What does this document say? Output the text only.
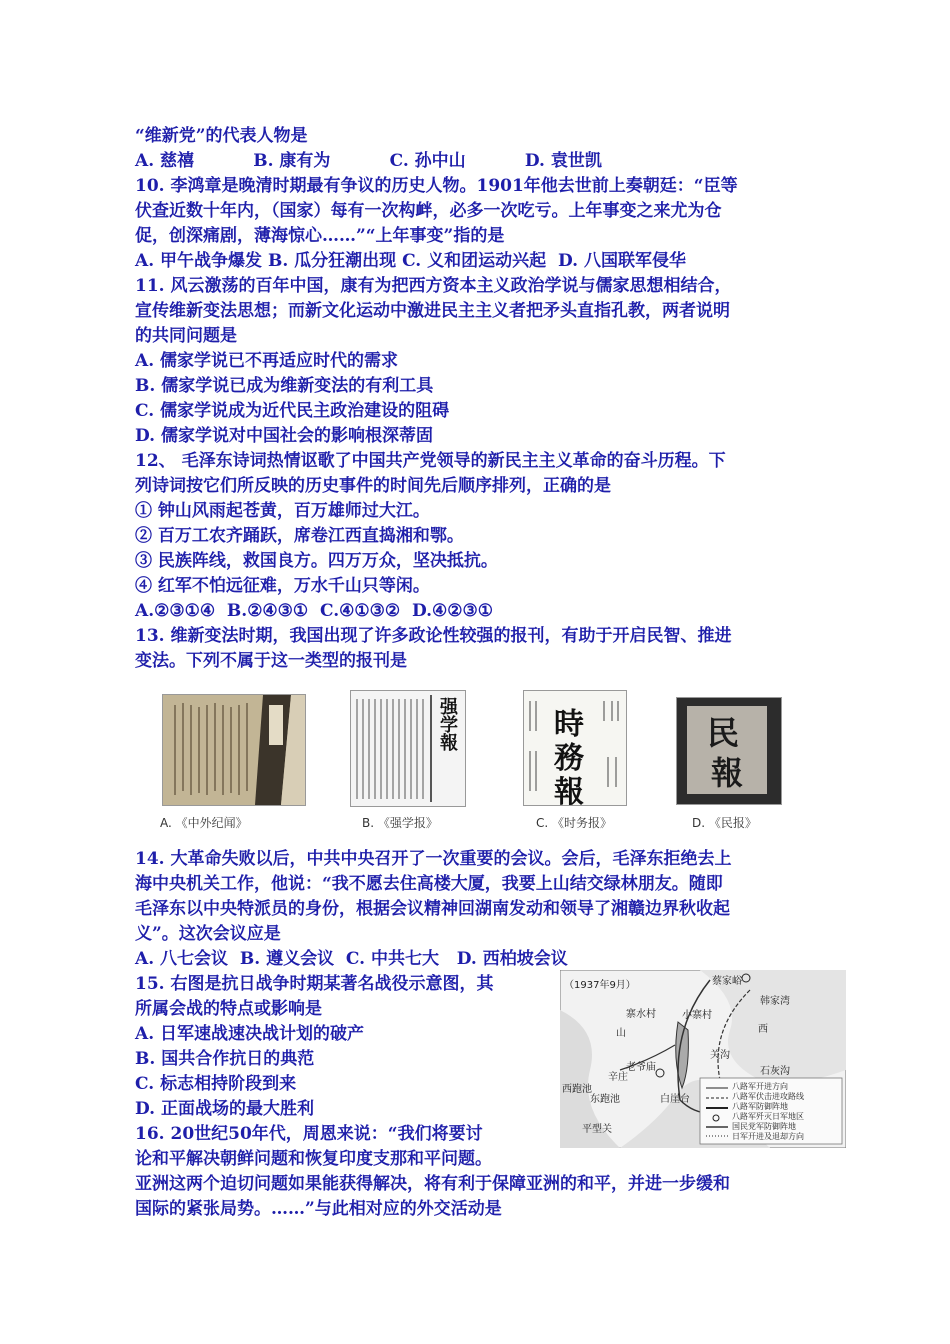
“维新党”的代表人物是
A. 慈禧          B. 康有为          C. 孙中山          D. 袁世凯
10. 李鸿章是晚清时期最有争议的历史人物。1901年他去世前上奏朝廷：“臣等
伏查近数十年内，（国家）每有一次构衅，必多一次吃亏。上年事变之来尤为仓
促，创深痛剧，薄海惊心……”“上年事变”指的是
A. 甲午战争爆发 B. 瓜分狂潮出现 C. 义和团运动兴起  D. 八国联军侵华
11. 风云激荡的百年中国，康有为把西方资本主义政治学说与儒家思想相结合，
宣传维新变法思想；而新文化运动中激进民主主义者把矛头直指孔教，两者说明
的共同问题是
A. 儒家学说已不再适应时代的需求
B. 儒家学说已成为维新变法的有利工具
C. 儒家学说成为近代民主政治建设的阻碍
D. 儒家学说对中国社会的影响根深蒂固
12、 毛泽东诗词热情讴歌了中国共产党领导的新民主主义革命的奋斗历程。下
列诗词按它们所反映的历史事件的时间先后顺序排列，正确的是
① 钟山风雨起苍黄，百万雄师过大江。
② 百万工农齐踊跃，席卷江西直捣湘和鄂。
③ 民族阵线，救国良方。四万万众，坚决抵抗。
④ 红军不怕远征难，万水千山只等闲。
A.②③①④  B.②④③①  C.④①③②  D.④②③①
13. 维新变法时期，我国出现了许多政论性较强的报刊，有助于开启民智、推进
变法。下列不属于这一类型的报刊是
A. 《中外纪闻》
强学報
B. 《强学报》
時
務
報
C. 《时务报》
民
報
D. 《民报》
14. 大革命失败以后，中共中央召开了一次重要的会议。会后，毛泽东拒绝去上
海中央机关工作，他说：“我不愿去住高楼大厦，我要上山结交绿林朋友。随即
毛泽东以中央特派员的身份，根据会议精神回湖南发动和领导了湘赣边界秋收起
义”。这次会议应是
A. 八七会议  B. 遵义会议  C. 中共七大   D. 西柏坡会议
15. 右图是抗日战争时期某著名战役示意图，其
所属会战的特点或影响是
A. 日军速战速决战计划的破产
B. 国共合作抗日的典范
C. 标志相持阶段到来
D. 正面战场的最大胜利
16. 20世纪50年代，周恩来说：“我们将要讨
论和平解决朝鲜问题和恢复印度支那和平问题。
亚洲这两个迫切问题如果能获得解决，将有利于保障亚洲的和平，并进一步缓和
国际的紧张局势。……”与此相对应的外交活动是
（1937年9月）	蔡家峪
韩家湾
寨水村	小寨村
西
山
老爷庙
辛庄
关沟
石灰沟
西跑池
东跑池	白崖台
平型关
八路军开进方向
八路军伏击进攻路线
八路军防御阵地
八路军歼灭日军地区
国民党军防御阵地
日军开进及退却方向
